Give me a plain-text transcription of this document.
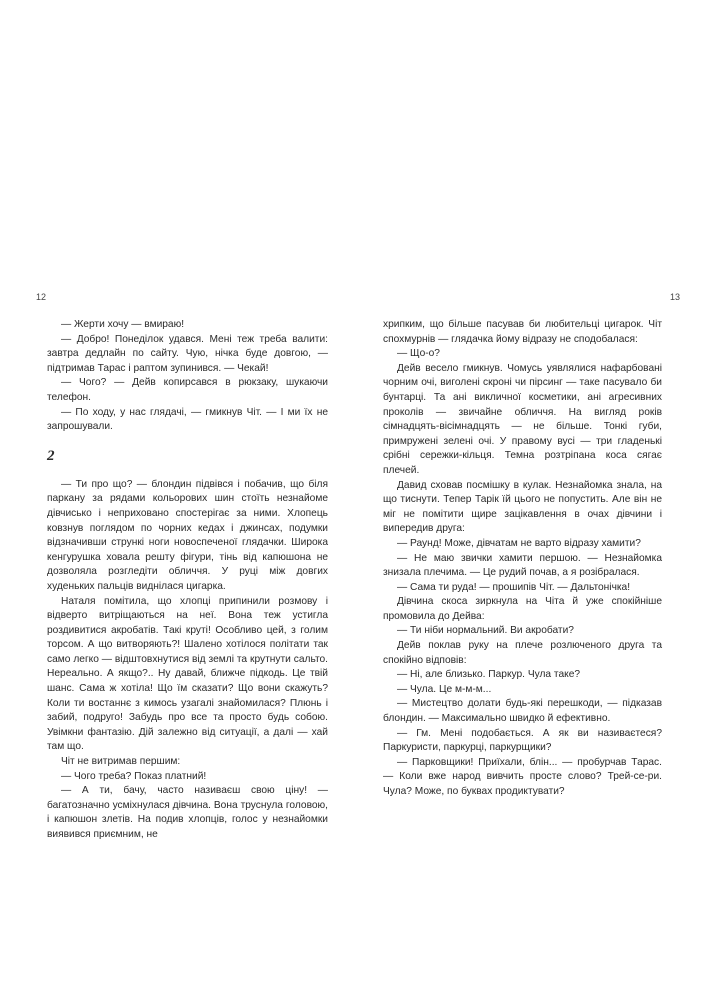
12

— Жерти хочу — вмираю!

— Добро! Понеділок удався. Мені теж треба валити: завтра дедлайн по сайту. Чую, нічка буде довгою, — підтримав Тарас і раптом зупинився. — Чекай!

— Чого? — Дейв копирсався в рюкзаку, шукаючи телефон.

— По ходу, у нас глядачі, — гмикнув Чіт. — І ми їх не запрошували.

2

— Ти про що? — блондин підвівся і побачив, що біля паркану за рядами кольорових шин стоїть незнайоме дівчисько і неприховано спостерігає за ними. Хлопець ковзнув поглядом по чорних кедах і джинсах, подумки відзначивши стрункі ноги новоспеченої глядачки. Широка кенгурушка ховала решту фігури, тінь від капюшона не дозволяла розгледіти обличчя. У руці між довгих худеньких пальців виднілася цигарка.

Наталя помітила, що хлопці припинили розмову і відверто витріщаються на неї. Вона теж устигла роздивитися акробатів. Такі круті! Особливо цей, з голим торсом. А що витворяють?! Шалено хотілося політати так само легко — відштовхнутися від землі та крутнути сальто. Нереально. А якщо?.. Ну давай, ближче підкодь. Це твій шанс. Сама ж хотіла! Що їм сказати? Що вони скажуть? Коли ти востаннє з кимось узагалі знайомилася? Плюнь і забий, подруго! Забудь про все та просто будь собою. Увімкни фантазію. Дій залежно від ситуації, а далі — хай там що.

Чіт не витримав першим:

— Чого треба? Показ платний!

— А ти, бачу, часто називаєш свою ціну! — багатозначно усміхнулася дівчина. Вона труснула головою, і капюшон злетів. На подив хлопців, голос у незнайомки виявився приємним, не

13

хрипким, що більше пасував би любительці цигарок. Чіт спохмурнів — глядачка йому відразу не сподобалася:

— Що-о?

Дейв весело гмикнув. Чомусь уявлялися нафарбовані чорним очі, виголені скроні чи пірсинг — таке пасувало би бунтарці. Та ані викличної косметики, ані агресивних проколів — звичайне обличчя. На вигляд років сімнадцять-вісімнадцять — не більше. Тонкі губи, примружені зелені очі. У правому вусі — три гладенькі срібні сережки-кільця. Темна розтріпана коса сягає плечей.

Давид сховав посмішку в кулак. Незнайомка знала, на що тиснути. Тепер Тарік їй цього не попустить. Але він не міг не помітити щире зацікавлення в очах дівчини і випередив друга:

— Раунд! Може, дівчатам не варто відразу хамити?

— Не маю звички хамити першою. — Незнайомка знизала плечима. — Це рудий почав, а я розібралася.

— Сама ти руда! — прошипів Чіт. — Дальтонічка!

Дівчина скоса зиркнула на Чіта й уже спокійніше промовила до Дейва:

— Ти ніби нормальний. Ви акробати?

Дейв поклав руку на плече розлюченого друга та спокійно відповів:

— Ні, але близько. Паркур. Чула таке?

— Чула. Це м-м-м...

— Мистецтво долати будь-які перешкоди, — підказав блондин. — Максимально швидко й ефективно.

— Гм. Мені подобається. А як ви називаєтеся? Паркуристи, паркурці, паркурщики?

— Парковщики! Приїхали, блін... — пробурчав Тарас. — Коли вже народ вивчить просте слово? Трей-се-ри. Чула? Може, по буквах продиктувати?
